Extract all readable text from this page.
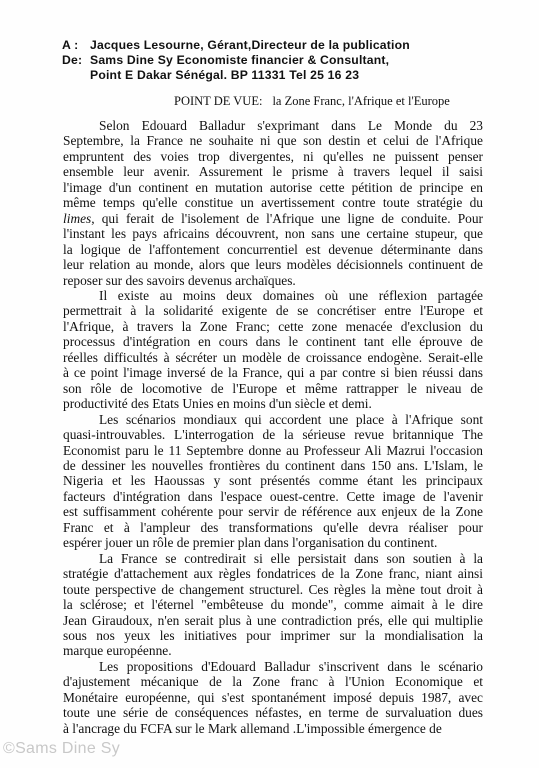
A : Jacques Lesourne, Gérant,Directeur de la publication
De: Sams Dine Sy Economiste financier & Consultant,
Point E Dakar Sénégal. BP 11331 Tel 25 16 23
POINT DE VUE: la Zone Franc, l'Afrique et l'Europe

Selon Edouard Balladur s'exprimant dans Le Monde du 23
Septembre, la France ne souhaite ni que son destin et celui de l'Afrique
empruntent des voies trop divergentes, ni qu'elles ne puissent penser
ensemble leur avenir. Assurement le prisme à travers lequel il saisi
l'image d'un continent en mutation autorise cette pétition de principe en
même temps qu'elle constitue un avertissement contre toute stratégie du
limes, qui ferait de l'isolement de l'Afrique une ligne de conduite. Pour
l'instant les pays africains découvrent, non sans une certaine stupeur, que
la logique de l'affontement concurrentiel est devenue déterminante dans
leur relation au monde, alors que leurs modèles décisionnels continuent de
reposer sur des savoirs devenus archaïques.

Il existe au moins deux domaines où une réflexion partagée
permettrait à la solidarité exigente de se concrétiser entre l'Europe et
l'Afrique, à travers la Zone Franc; cette zone menacée d'exclusion du
processus d'intégration en cours dans le continent tant elle éprouve de
réelles difficultés à sécréter un modèle de croissance endogène. Serait-elle
à ce point l'image inversé de la France, qui a par contre si bien réussi dans
son rôle de locomotive de l'Europe et même rattrapper le niveau de
productivité des Etats Unies en moins d'un siècle et demi.

Les scénarios mondiaux qui accordent une place à l'Afrique sont
quasi-introuvables. L'interrogation de la sérieuse revue britannique The
Economist paru le 11 Septembre donne au Professeur Ali Mazrui l'occasion
de dessiner les nouvelles frontières du continent dans 150 ans. L'Islam, le
Nigeria et les Haoussas y sont présentés comme étant les principaux
facteurs d'intégration dans l'espace ouest-centre. Cette image de l'avenir
est suffisamment cohérente pour servir de référence aux enjeux de la Zone
Franc et à l'ampleur des transformations qu'elle devra réaliser pour
espérer jouer un rôle de premier plan dans l'organisation du continent.

La France se contredirait si elle persistait dans son soutien à la
stratégie d'attachement aux règles fondatrices de la Zone franc, niant ainsi
toute perspective de changement structurel. Ces règles la mène tout droit à
la sclérose; et l'éternel "embêteuse du monde", comme aimait à le dire
Jean Giraudoux, n'en serait plus à une contradiction prés, elle qui multiplie
sous nos yeux les initiatives pour imprimer sur la mondialisation la
marque européenne.

Les propositions d'Edouard Balladur s'inscrivent dans le scénario
d'ajustement mécanique de la Zone franc à l'Union Economique et
Monétaire européenne, qui s'est spontanément imposé depuis 1987, avec
toute une série de conséquences néfastes, en terme de survaluation dues
à l'ancrage du FCFA sur le Mark allemand .L'impossible émergence de

©Sams Dine Sy
